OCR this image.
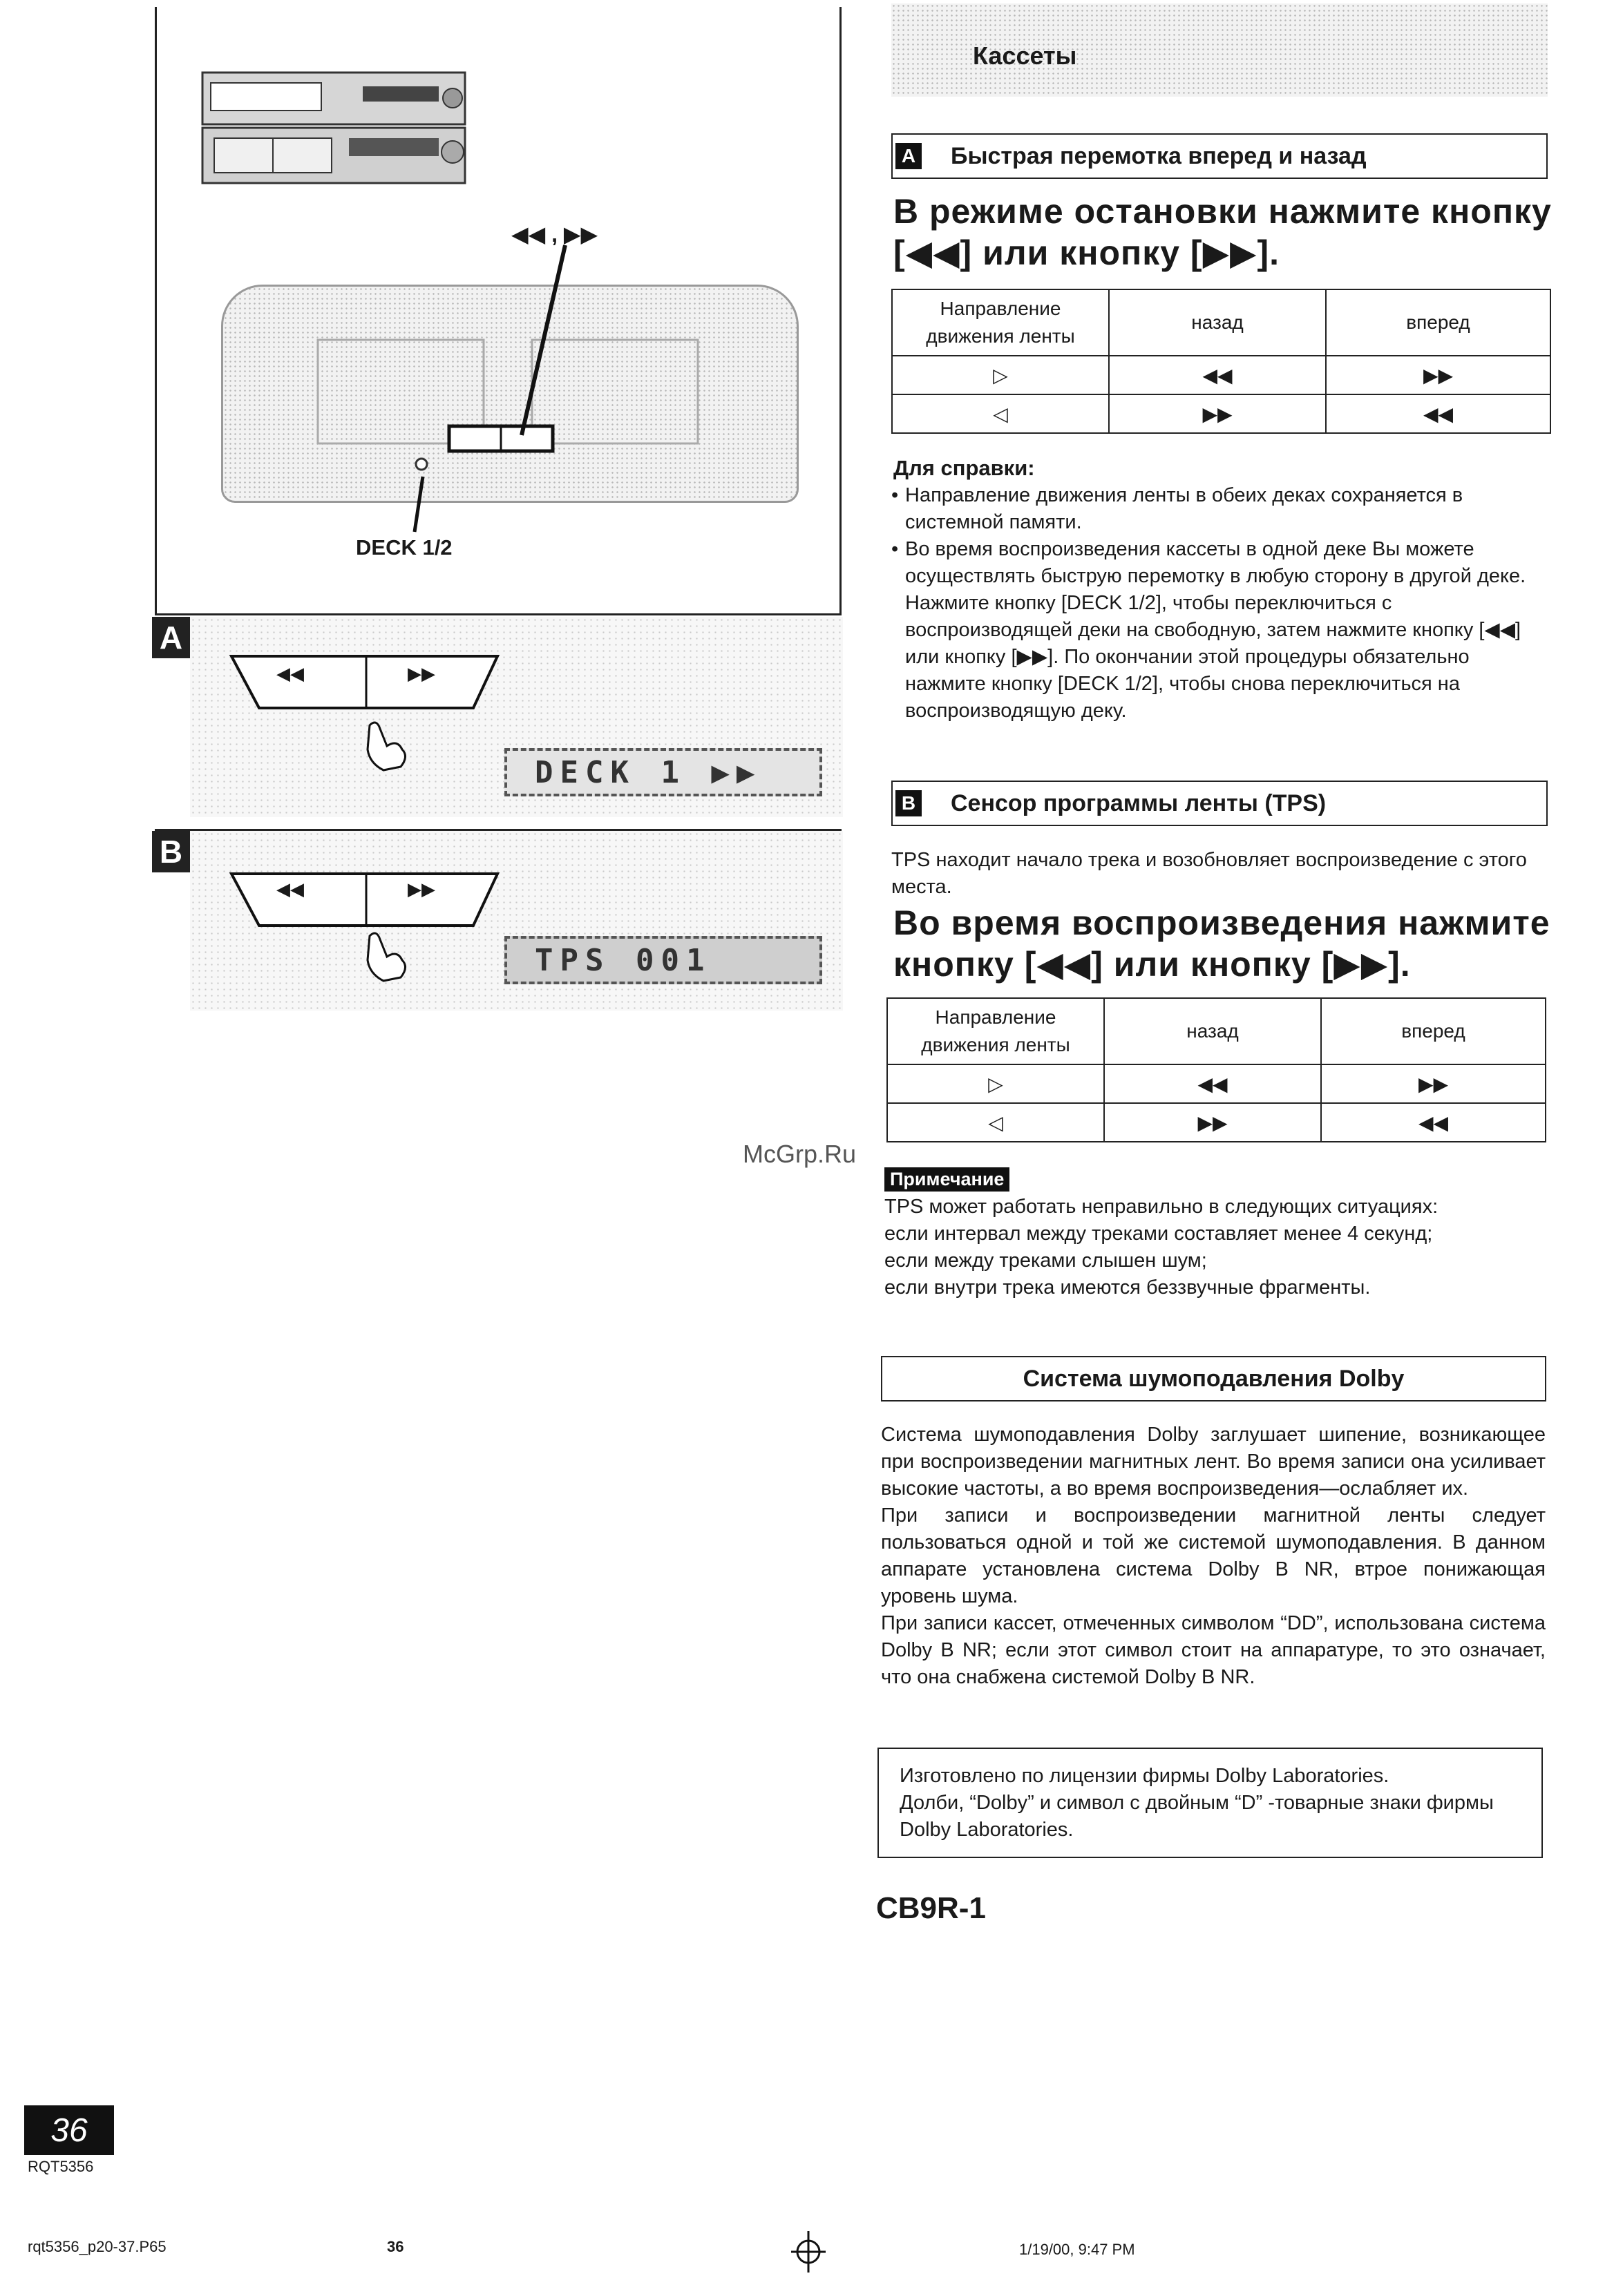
◀◀ , ▶▶
DECK 1/2
A
◀◀	▶▶
DECK 1 ▶▶
B
◀◀	▶▶
TPS 001
Кассеты
A Быстрая перемотка вперед и назад
В режиме остановки нажмите кнопку
[◀◀] или кнопку [▶▶].
Направление движения ленты	назад	вперед
▷	◀◀	▶▶
◁	▶▶	◀◀
Для справки:
• Направление движения ленты в обеих деках сохраняется в системной памяти.
• Во время воспроизведения кассеты в одной деке Вы можете осуществлять быструю перемотку в любую сторону в другой деке. Нажмите кнопку [DECK 1/2], чтобы переключиться с воспроизводящей деки на свободную, затем нажмите кнопку [◀◀] или кнопку [▶▶]. По окончании этой процедуры обязательно нажмите кнопку [DECK 1/2], чтобы снова переключиться на воспроизводящую деку.
B Сенсор программы ленты (TPS)
TPS находит начало трека и возобновляет воспроизведение с этого места.
Во время воспроизведения нажмите
кнопку [◀◀] или кнопку [▶▶].
Направление движения ленты	назад	вперед
▷	◀◀	▶▶
◁	▶▶	◀◀
McGrp.Ru
Примечание
TPS может работать неправильно в следующих ситуациях:
если интервал между треками составляет менее 4 секунд;
если между треками слышен шум;
если внутри трека имеются беззвучные фрагменты.
Система шумоподавления Dolby
Система шумоподавления Dolby заглушает шипение, возникающее при воспроизведении магнитных лент. Во время записи она усиливает высокие частоты, а во время воспроизведения—ослабляет их.
При записи и воспроизведении магнитной ленты следует пользоваться одной и той же системой шумоподавления. В данном аппарате установлена система Dolby B NR, втрое понижающая уровень шума.
При записи кассет, отмеченных символом “DD”, использована система Dolby B NR; если этот символ стоит на аппаратуре, то это означает, что она снабжена системой Dolby B NR.
Изготовлено по лицензии фирмы Dolby Laboratories.
Долби, “Dolby” и символ с двойным “D” -товарные знаки фирмы Dolby Laboratories.
CB9R-1
36
RQT5356
rqt5356_p20-37.P65	36	1/19/00, 9:47 PM
